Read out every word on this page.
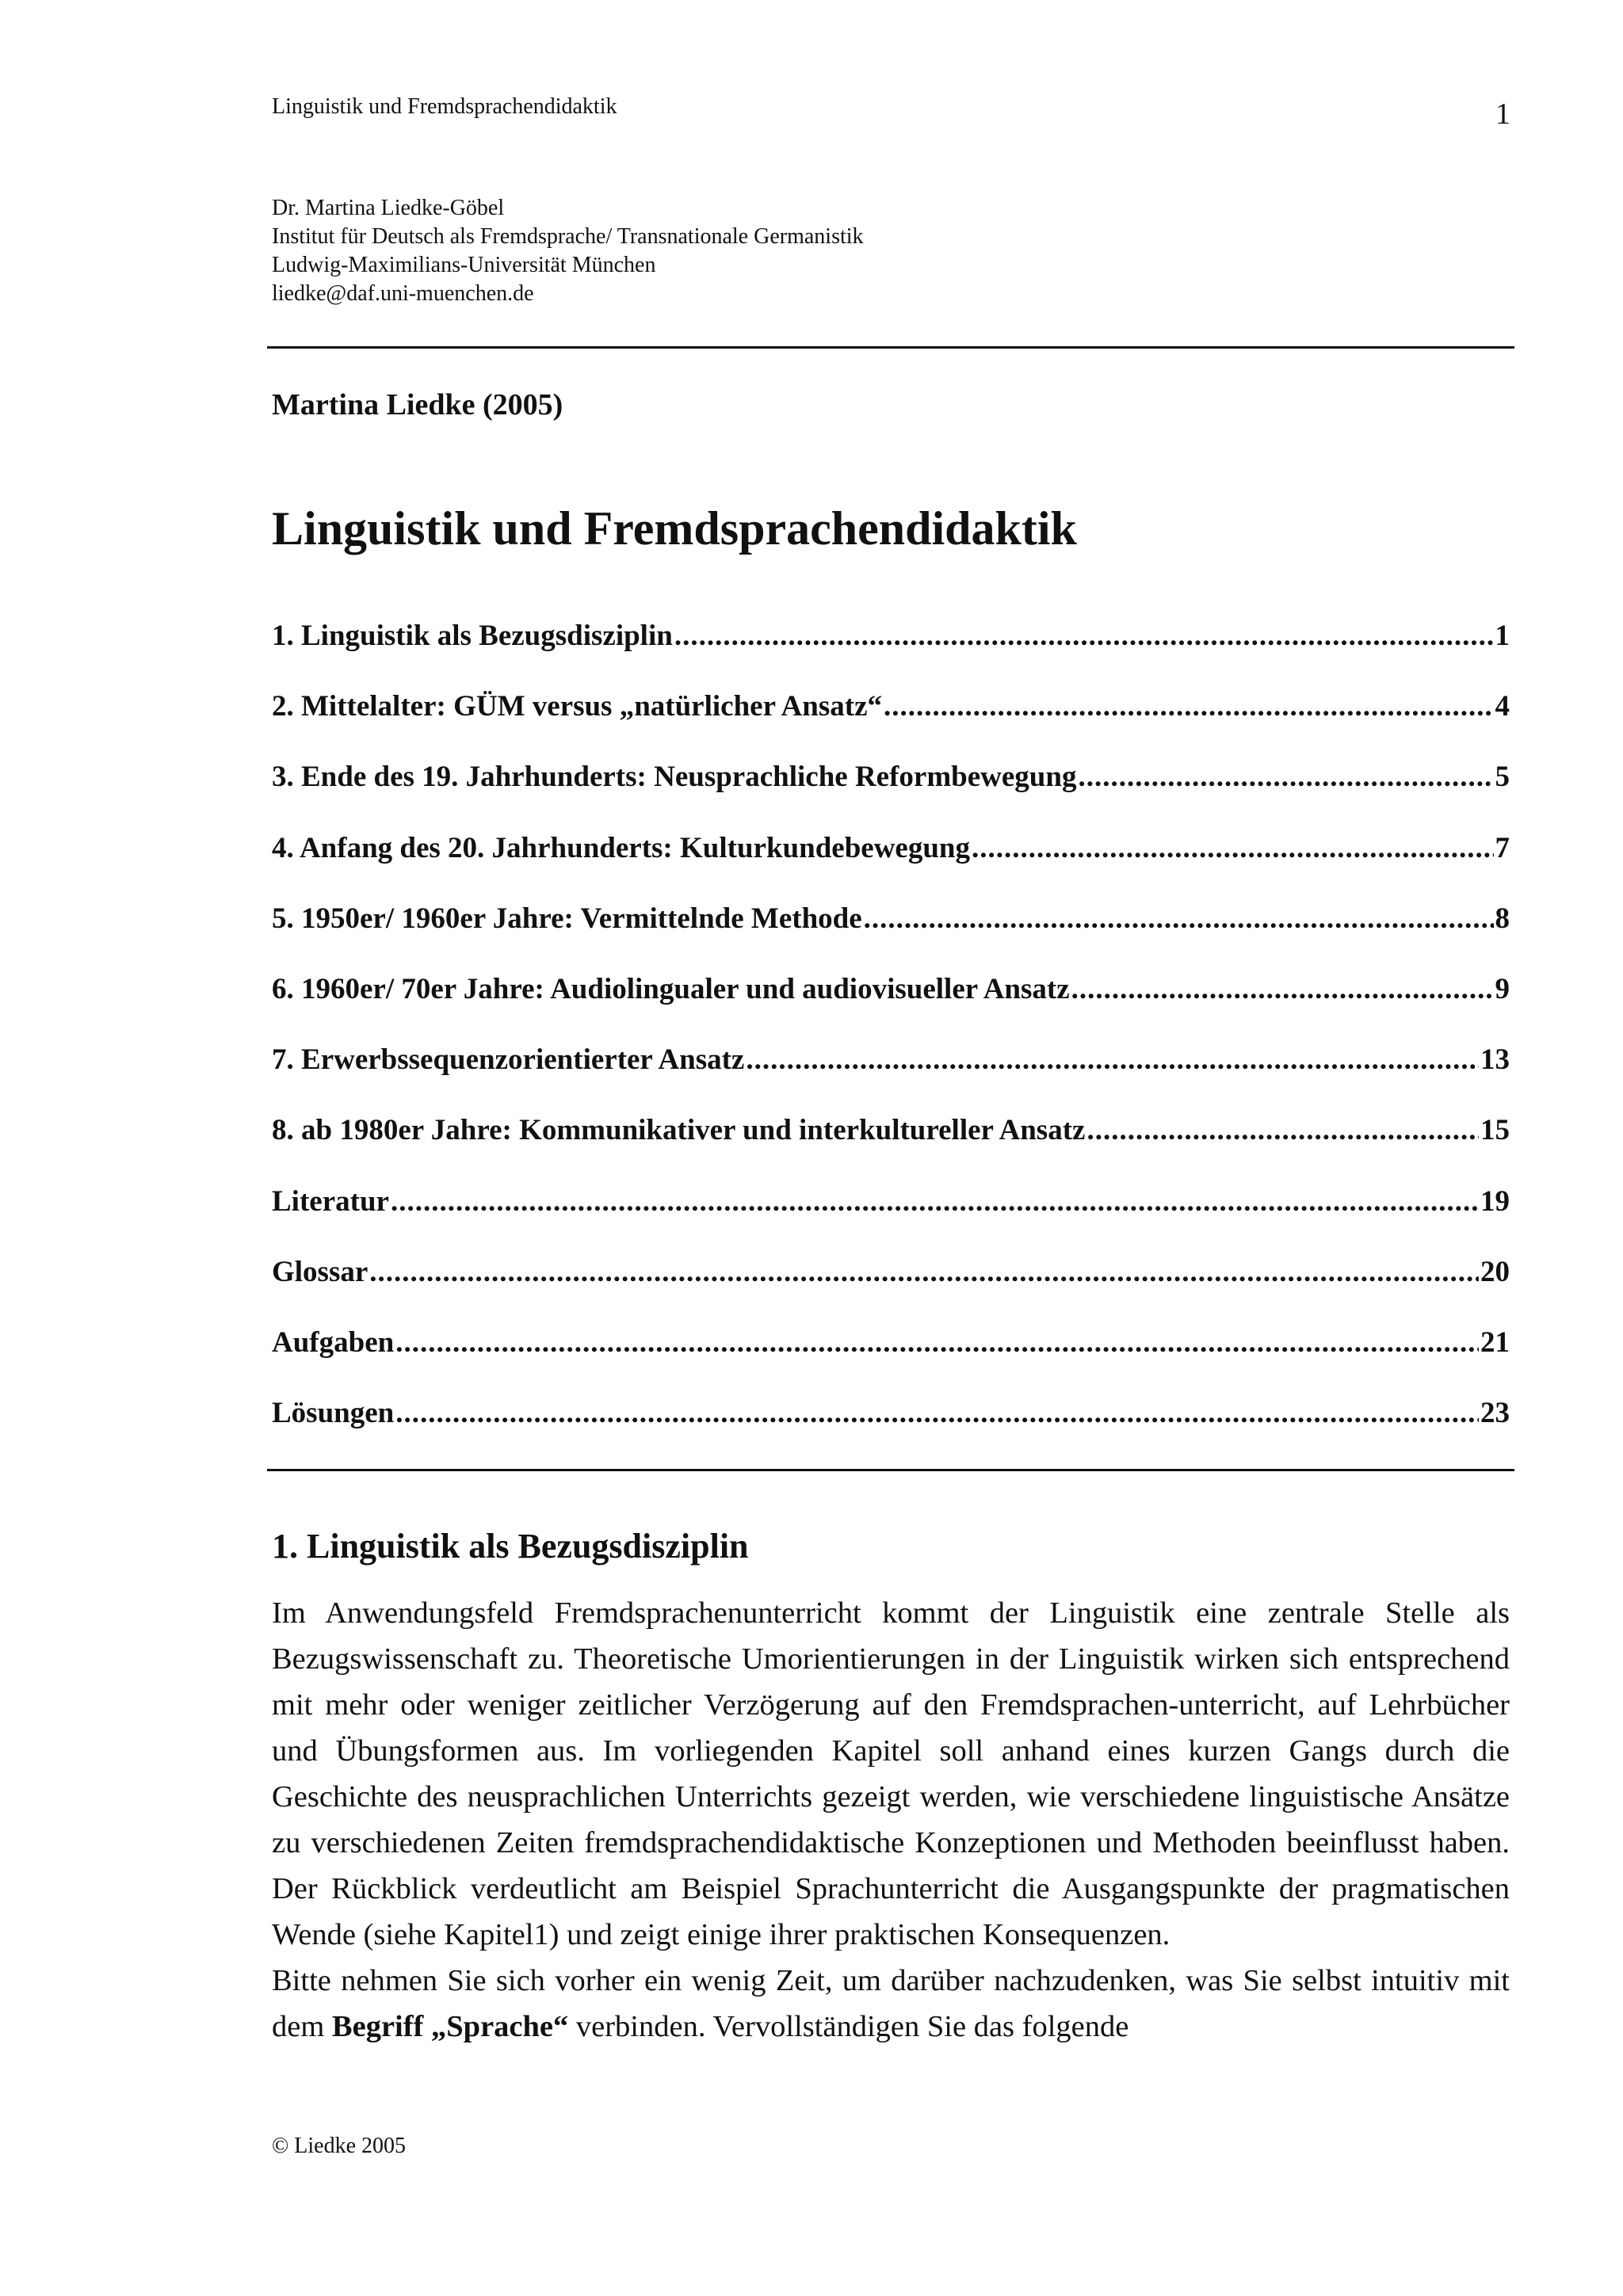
Linguistik und Fremdsprachendidaktik	1
Dr. Martina Liedke-Göbel
Institut für Deutsch als Fremdsprache/ Transnationale Germanistik
Ludwig-Maximilians-Universität München
liedke@daf.uni-muenchen.de
Martina Liedke (2005)
Linguistik und Fremdsprachendidaktik
1. Linguistik als Bezugsdisziplin .....	1
2. Mittelalter: GÜM versus „natürlicher Ansatz“ .....	4
3. Ende des 19. Jahrhunderts: Neusprachliche Reformbewegung .....	5
4. Anfang des 20. Jahrhunderts: Kulturkundebewegung .....	7
5. 1950er/ 1960er Jahre: Vermittelnde Methode .....	8
6. 1960er/ 70er Jahre: Audiolingualer und audiovisueller Ansatz .....	9
7. Erwerbssequenzorientierter Ansatz .....	13
8. ab 1980er Jahre: Kommunikativer und interkultureller Ansatz .....	15
Literatur .....	19
Glossar .....	20
Aufgaben .....	21
Lösungen .....	23
1. Linguistik als Bezugsdisziplin

Im Anwendungsfeld Fremdsprachenunterricht kommt der Linguistik eine zentrale Stelle als Bezugswissenschaft zu. Theoretische Umorientierungen in der Linguistik wirken sich entsprechend mit mehr oder weniger zeitlicher Verzögerung auf den Fremdsprachen-unterricht, auf Lehrbücher und Übungsformen aus. Im vorliegenden Kapitel soll anhand eines kurzen Gangs durch die Geschichte des neusprachlichen Unterrichts gezeigt werden, wie verschiedene linguistische Ansätze zu verschiedenen Zeiten fremdsprachendidaktische Konzeptionen und Methoden beeinflusst haben. Der Rückblick verdeutlicht am Beispiel Sprachunterricht die Ausgangspunkte der pragmatischen Wende (siehe Kapitel1) und zeigt einige ihrer praktischen Konsequenzen.

Bitte nehmen Sie sich vorher ein wenig Zeit, um darüber nachzudenken, was Sie selbst intuitiv mit dem Begriff „Sprache“ verbinden. Vervollständigen Sie das folgende

© Liedke 2005
